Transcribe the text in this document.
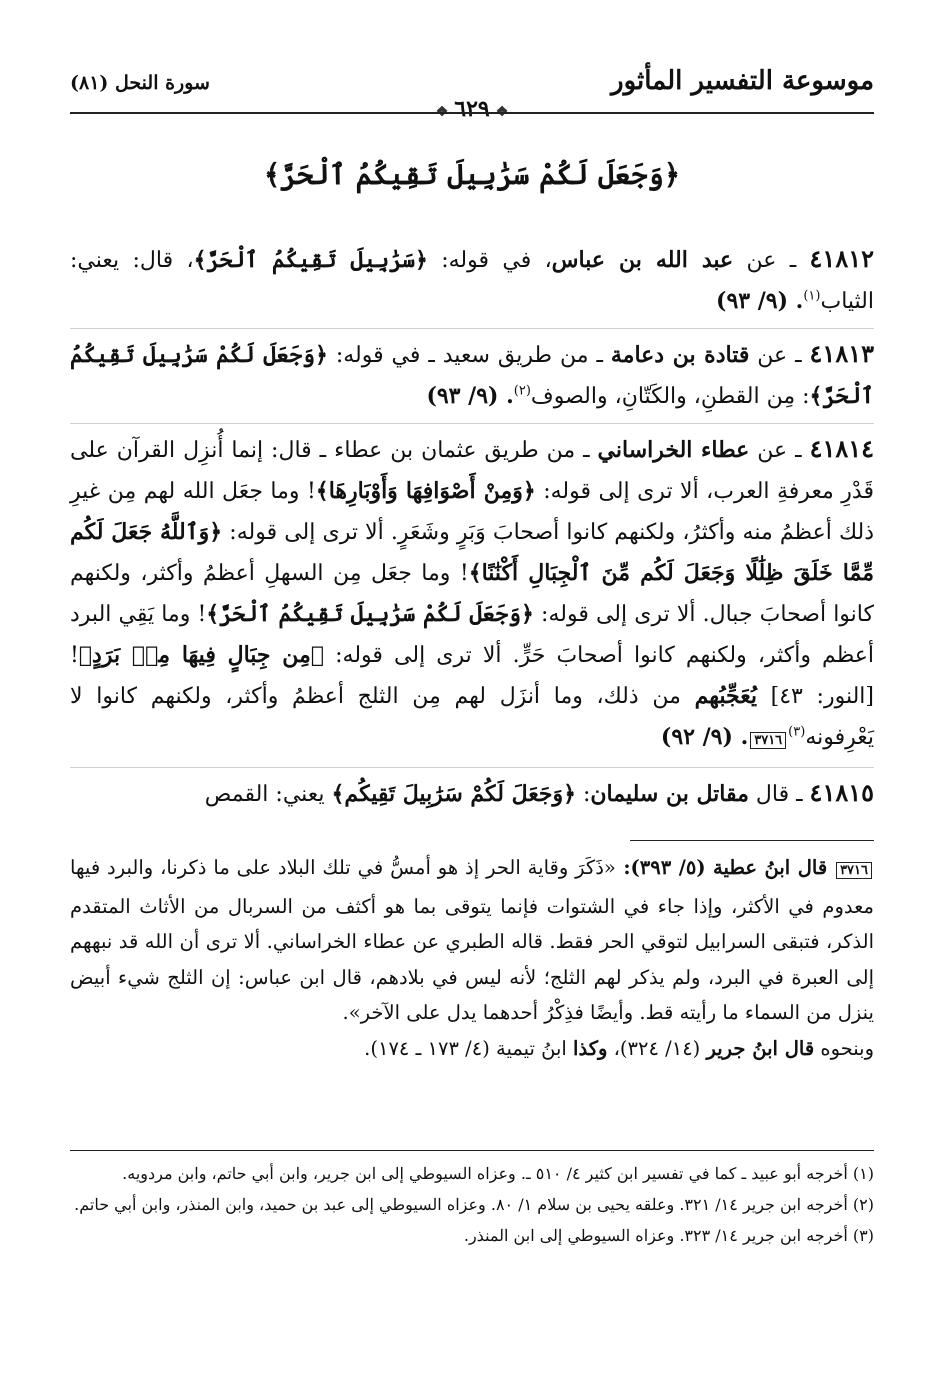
موسوعة التفسير المأثور
سورة النحل (٨١)
❖٦٢٩❖
﴿وَجَعَلَ لَكُمْ سَرَٰبِيلَ تَقِيكُمُ ٱلْحَرَّ﴾

٤١٨١٢ ـ عن عبد الله بن عباس، في قوله: ﴿سَرَٰبِيلَ تَقِيكُمُ ٱلْحَرَّ﴾، قال: يعني: الثياب$^{(١)}$. (٩/ ٩٣)

٤١٨١٣ ـ عن قتادة بن دعامة ـ من طريق سعيد ـ في قوله: ﴿وَجَعَلَ لَكُمْ سَرَٰبِيلَ تَقِيكُمُ ٱلْحَرَّ﴾: مِن القطنِ، والكَتّانِ، والصوف$^{(٢)}$. (٩/ ٩٣)

٤١٨١٤ ـ عن عطاء الخراساني ـ من طريق عثمان بن عطاء ـ قال: إنما أُنزِل القرآن على قَدْرِ معرفةِ العرب، ألا ترى إلى قوله: ﴿وَمِنْ أَصْوَافِهَا وَأَوْبَارِهَا﴾! وما جعَل الله لهم مِن غيرِ ذلك أعظمُ منه وأكثرُ، ولكنهم كانوا أصحابَ وَبَرٍ وشَعَرٍ. ألا ترى إلى قوله: ﴿وَٱللَّهُ جَعَلَ لَكُم مِّمَّا خَلَقَ ظِلَٰلًا وَجَعَلَ لَكُم مِّنَ ٱلْجِبَالِ أَكْنَٰنًا﴾! وما جعَل مِن السهلِ أعظمُ وأكثر، ولكنهم كانوا أصحابَ جبال. ألا ترى إلى قوله: ﴿وَجَعَلَ لَكُمْ سَرَٰبِيلَ تَقِيكُمُ ٱلْحَرَّ﴾! وما يَقِي البرد أعظم وأكثر، ولكنهم كانوا أصحابَ حَرٍّ. ألا ترى إلى قوله: ﴿مِن جِبَالٍ فِيهَا مِنۢ بَرَدٍ﴾! [النور: ٤٣] يُعَجِّبُهم من ذلك، وما أنزَل لهم مِن الثلج أعظمُ وأكثر، ولكنهم كانوا لا يَعْرِفونه$^{(٣)}$٣٧١٦. (٩/ ٩٢)

٤١٨١٥ ـ قال مقاتل بن سليمان: ﴿وَجَعَلَ لَكُمْ سَرَٰبِيلَ تَقِيكُم﴾ يعني: القمص

٣٧١٦ قال ابنُ عطية (٥/ ٣٩٣): «ذَكَرَ وقاية الحر إذ هو أمسُّ في تلك البلاد على ما ذكرنا، والبرد فيها معدوم في الأكثر، وإذا جاء في الشتوات فإنما يتوقى بما هو أكثف من السربال من الأثاث المتقدم الذكر، فتبقى السرابيل لتوقي الحر فقط. قاله الطبري عن عطاء الخراساني. ألا ترى أن الله قد نبههم إلى العبرة في البرد، ولم يذكر لهم الثلج؛ لأنه ليس في بلادهم، قال ابن عباس: إن الثلج شيء أبيض ينزل من السماء ما رأيته قط. وأيضًا فذِكْرُ أحدهما يدل على الآخر».

وبنحوه قال ابنُ جرير (١٤/ ٣٢٤)، وكذا ابنُ تيمية (٤/ ١٧٣ ـ ١٧٤).

(١) أخرجه أبو عبيد ـ كما في تفسير ابن كثير ٤/ ٥١٠ ـ. وعزاه السيوطي إلى ابن جرير، وابن أبي حاتم، وابن مردويه.

(٢) أخرجه ابن جرير ١٤/ ٣٢١. وعلقه يحيى بن سلام ١/ ٨٠. وعزاه السيوطي إلى عبد بن حميد، وابن المنذر، وابن أبي حاتم.

(٣) أخرجه ابن جرير ١٤/ ٣٢٣. وعزاه السيوطي إلى ابن المنذر.
